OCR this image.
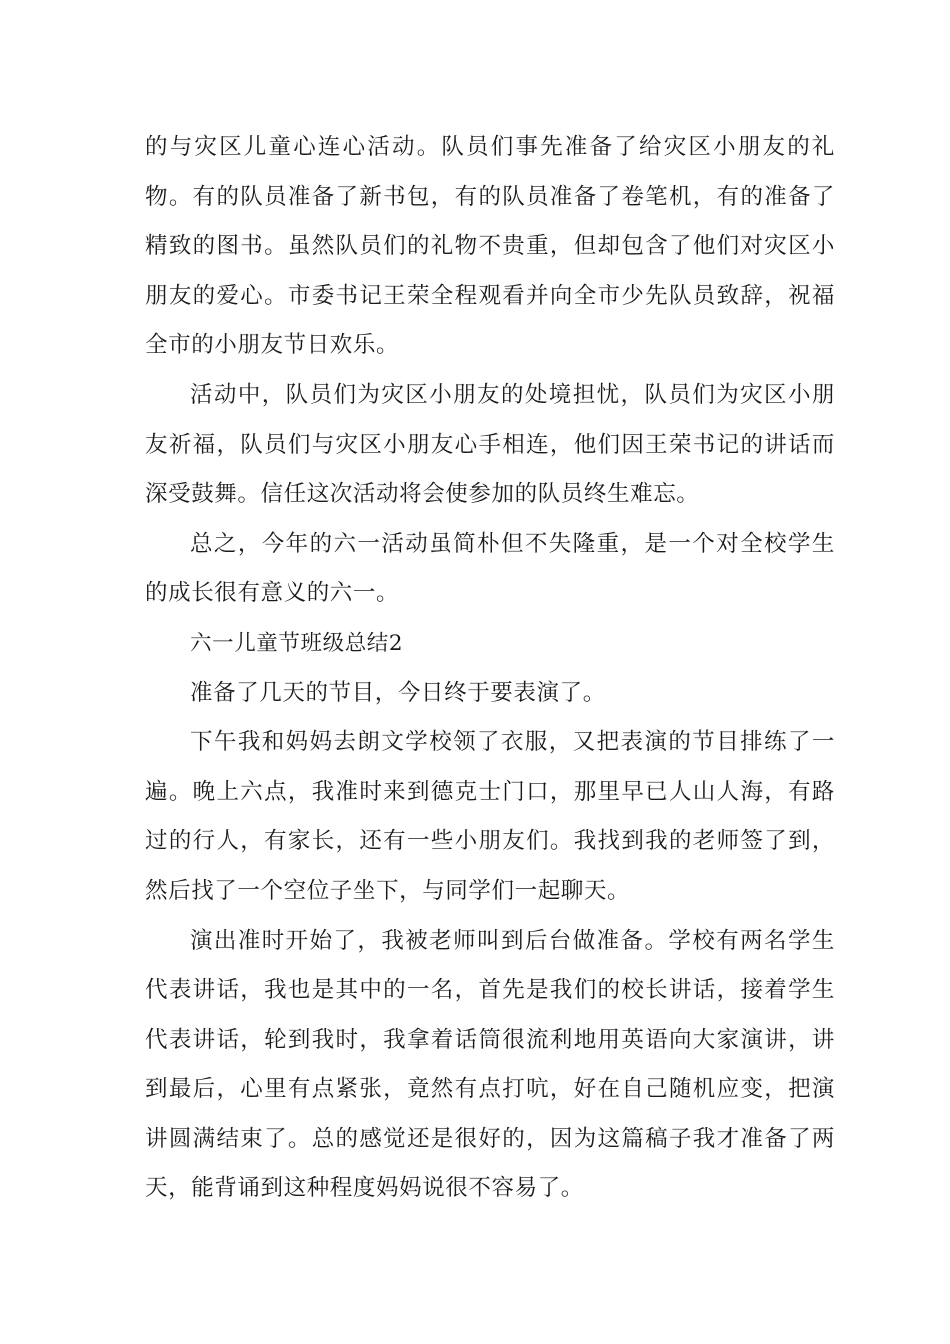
的与灾区儿童心连心活动。队员们事先准备了给灾区小朋友的礼物。有的队员准备了新书包，有的队员准备了卷笔机，有的准备了精致的图书。虽然队员们的礼物不贵重，但却包含了他们对灾区小朋友的爱心。市委书记王荣全程观看并向全市少先队员致辞，祝福全市的小朋友节日欢乐。

活动中，队员们为灾区小朋友的处境担忧，队员们为灾区小朋友祈福，队员们与灾区小朋友心手相连，他们因王荣书记的讲话而深受鼓舞。信任这次活动将会使参加的队员终生难忘。

总之，今年的六一活动虽简朴但不失隆重，是一个对全校学生的成长很有意义的六一。

六一儿童节班级总结2

准备了几天的节目，今日终于要表演了。

下午我和妈妈去朗文学校领了衣服，又把表演的节目排练了一遍。晚上六点，我准时来到德克士门口，那里早已人山人海，有路过的行人，有家长，还有一些小朋友们。我找到我的老师签了到，然后找了一个空位子坐下，与同学们一起聊天。

演出准时开始了，我被老师叫到后台做准备。学校有两名学生代表讲话，我也是其中的一名，首先是我们的校长讲话，接着学生代表讲话，轮到我时，我拿着话筒很流利地用英语向大家演讲，讲到最后，心里有点紧张，竟然有点打吭，好在自己随机应变，把演讲圆满结束了。总的感觉还是很好的，因为这篇稿子我才准备了两天，能背诵到这种程度妈妈说很不容易了。
